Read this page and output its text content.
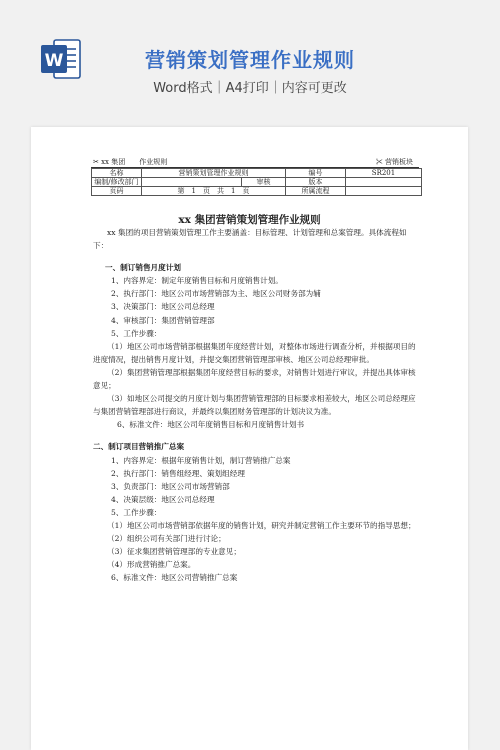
W	营销策划管理作业规则
Word格式｜A4打印｜内容可更改
✂ xx 集团　　作业规则	✂ 营销板块
名称	营销策划管理作业规则		编号	SR201
编制/修改部门		审核	版本	
页码	第　1　页　共　1　页		所属流程	
xx 集团营销策划管理作业规则

xx 集团的项目营销策划管理工作主要涵盖：目标管理、计划管理和总案管理。具体流程如下：

一、制订销售月度计划

1、内容界定：制定年度销售目标和月度销售计划。

2、执行部门：地区公司市场营销部为主、地区公司财务部为辅

3、决策部门：地区公司总经理

4、审核部门：集团营销管理部

5、工作步骤：

（1）地区公司市场营销部根据集团年度经营计划，对整体市场进行调查分析，并根据项目的进度情况，提出销售月度计划，并提交集团营销管理部审核、地区公司总经理审批。

（2）集团营销管理部根据集团年度经营目标的要求，对销售计划进行审议，并提出具体审核意见；

（3）如地区公司提交的月度计划与集团营销管理部的目标要求相差较大，地区公司总经理应与集团营销管理部进行商议，并最终以集团财务管理部的计划决议为准。

6、标准文件：地区公司年度销售目标和月度销售计划书

二、制订项目营销推广总案

1、内容界定：根据年度销售计划，制订营销推广总案

2、执行部门：销售组经理、策划组经理

3、负责部门：地区公司市场营销部

4、决策层级：地区公司总经理

5、工作步骤：

（1）地区公司市场营销部依据年度的销售计划，研究并制定营销工作主要环节的指导思想；

（2）组织公司有关部门进行讨论；

（3）征求集团营销管理部的专业意见；

（4）形成营销推广总案。

6、标准文件：地区公司营销推广总案
